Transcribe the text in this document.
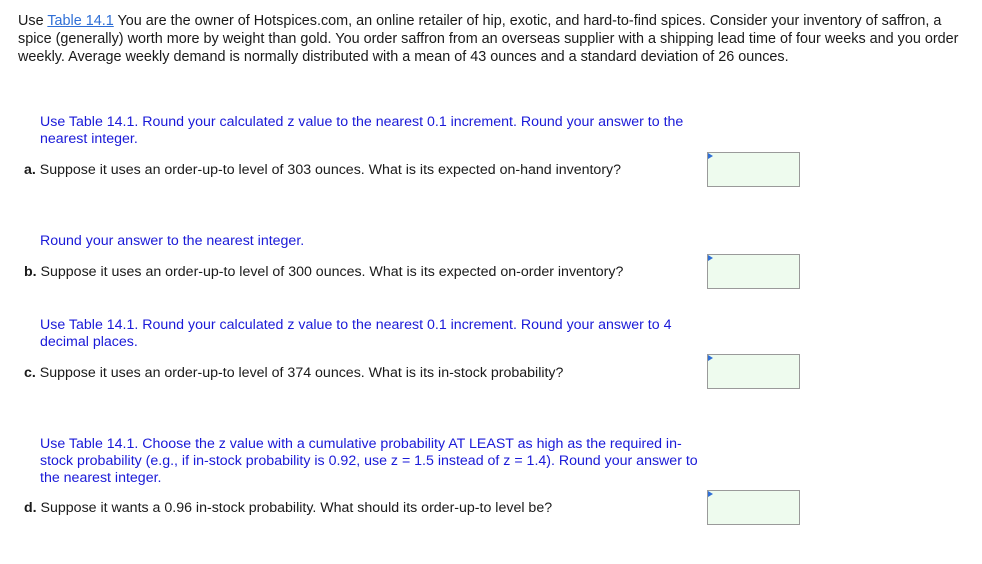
Use Table 14.1 You are the owner of Hotspices.com, an online retailer of hip, exotic, and hard-to-find spices. Consider your inventory of saffron, a spice (generally) worth more by weight than gold. You order saffron from an overseas supplier with a shipping lead time of four weeks and you order weekly. Average weekly demand is normally distributed with a mean of 43 ounces and a standard deviation of 26 ounces.

Use Table 14.1. Round your calculated z value to the nearest 0.1 increment. Round your answer to the nearest integer.

a. Suppose it uses an order-up-to level of 303 ounces. What is its expected on-hand inventory?

Round your answer to the nearest integer.

b. Suppose it uses an order-up-to level of 300 ounces. What is its expected on-order inventory?

Use Table 14.1. Round your calculated z value to the nearest 0.1 increment. Round your answer to 4 decimal places.

c. Suppose it uses an order-up-to level of 374 ounces. What is its in-stock probability?

Use Table 14.1. Choose the z value with a cumulative probability AT LEAST as high as the required in-stock probability (e.g., if in-stock probability is 0.92, use z = 1.5 instead of z = 1.4). Round your answer to the nearest integer.

d. Suppose it wants a 0.96 in-stock probability. What should its order-up-to level be?
